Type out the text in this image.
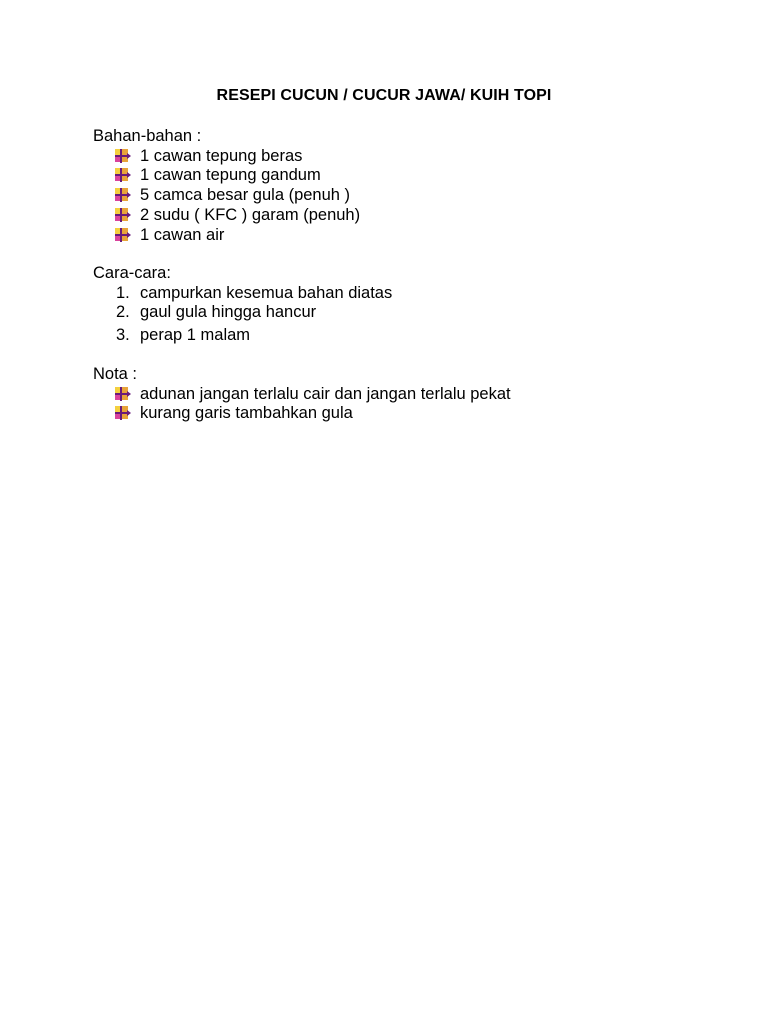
RESEPI CUCUN / CUCUR JAWA/ KUIH TOPI
Bahan-bahan :
1 cawan tepung beras
1 cawan tepung gandum
5 camca besar gula (penuh )
2 sudu ( KFC ) garam (penuh)
1 cawan air
Cara-cara:
1. campurkan kesemua bahan diatas
2. gaul gula hingga hancur
3. perap 1 malam
Nota :
adunan jangan terlalu cair dan jangan terlalu pekat
kurang garis tambahkan gula
